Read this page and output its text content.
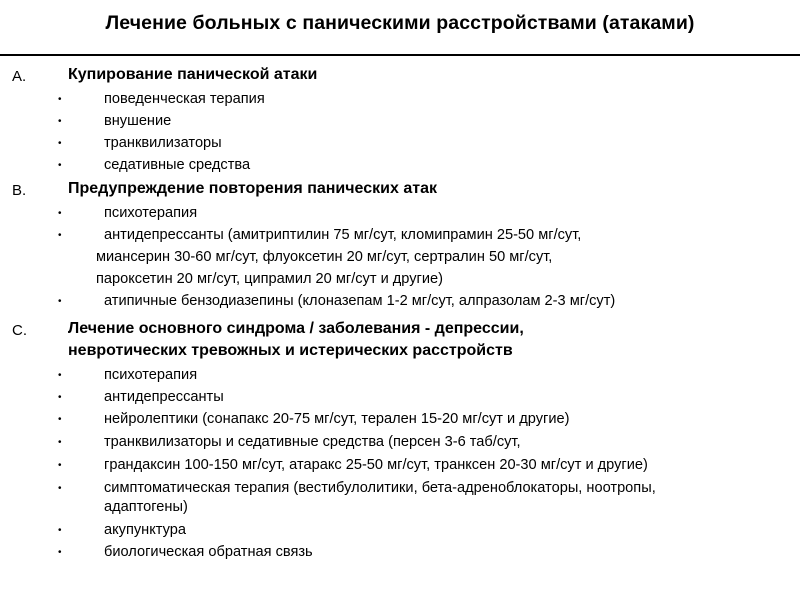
Лечение больных с паническими расстройствами (атаками)
A.	Купирование панической атаки
•	поведенческая терапия
•	внушение
•	транквилизаторы
•	седативные средства
B.	Предупреждение повторения панических атак
•	психотерапия
•	антидепрессанты (амитриптилин 75 мг/сут, кломипрамин 25-50 мг/сут,
миансерин 30-60 мг/сут, флуоксетин 20 мг/сут, сертралин 50 мг/сут,
пароксетин 20 мг/сут, ципрамил 20 мг/сут и другие)
•	атипичные бензодиазепины (клоназепам 1-2 мг/сут, алпразолам 2-3 мг/сут)
C.	Лечение основного синдрома / заболевания - депрессии,
невротических тревожных и истерических расстройств
•	психотерапия
•	антидепрессанты
•	нейролептики (сонапакс 20-75 мг/сут, терален 15-20 мг/сут и другие)
•	транквилизаторы и седативные средства (персен 3-6 таб/сут,
•	грандаксин 100-150 мг/сут, атаракс 25-50 мг/сут, транксен 20-30 мг/сут и другие)
•	симптоматическая терапия (вестибулолитики, бета-адреноблокаторы, ноотропы,
адаптогены)
•	акупунктура
•	биологическая обратная связь
